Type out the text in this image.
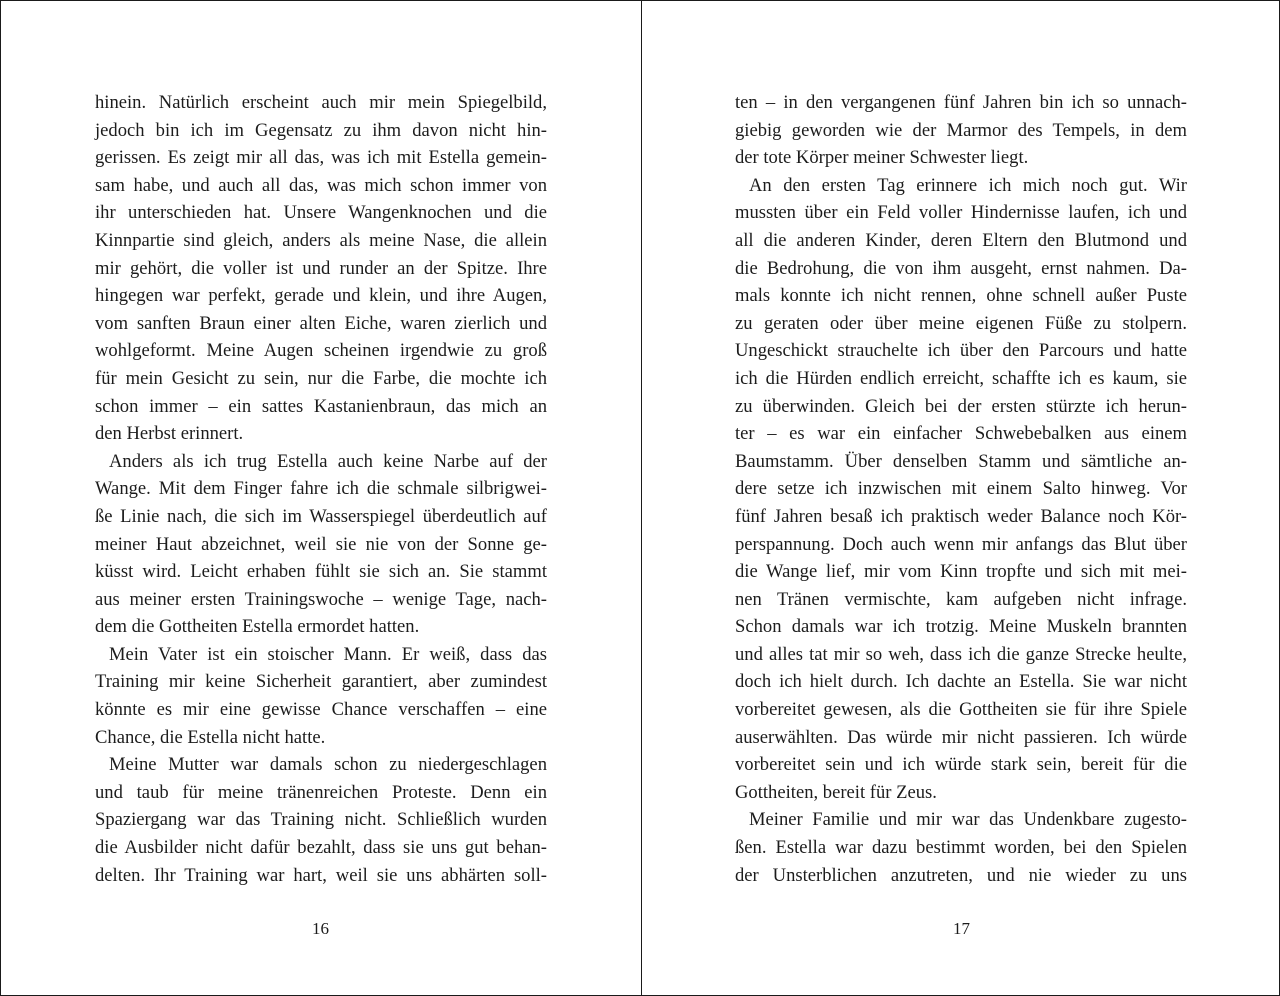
hinein. Natürlich erscheint auch mir mein Spiegelbild,
jedoch bin ich im Gegensatz zu ihm davon nicht hin-
gerissen. Es zeigt mir all das, was ich mit Estella gemein-
sam habe, und auch all das, was mich schon immer von
ihr unterschieden hat. Unsere Wangenknochen und die
Kinnpartie sind gleich, anders als meine Nase, die allein
mir gehört, die voller ist und runder an der Spitze. Ihre
hingegen war perfekt, gerade und klein, und ihre Augen,
vom sanften Braun einer alten Eiche, waren zierlich und
wohlgeformt. Meine Augen scheinen irgendwie zu groß
für mein Gesicht zu sein, nur die Farbe, die mochte ich
schon immer – ein sattes Kastanienbraun, das mich an
den Herbst erinnert.
Anders als ich trug Estella auch keine Narbe auf der
Wange. Mit dem Finger fahre ich die schmale silbrigwei-
ße Linie nach, die sich im Wasserspiegel überdeutlich auf
meiner Haut abzeichnet, weil sie nie von der Sonne ge-
küsst wird. Leicht erhaben fühlt sie sich an. Sie stammt
aus meiner ersten Trainingswoche – wenige Tage, nach-
dem die Gottheiten Estella ermordet hatten.
Mein Vater ist ein stoischer Mann. Er weiß, dass das
Training mir keine Sicherheit garantiert, aber zumindest
könnte es mir eine gewisse Chance verschaffen – eine
Chance, die Estella nicht hatte.
Meine Mutter war damals schon zu niedergeschlagen
und taub für meine tränenreichen Proteste. Denn ein
Spaziergang war das Training nicht. Schließlich wurden
die Ausbilder nicht dafür bezahlt, dass sie uns gut behan-
delten. Ihr Training war hart, weil sie uns abhärten soll-
16
ten – in den vergangenen fünf Jahren bin ich so unnach-
giebig geworden wie der Marmor des Tempels, in dem
der tote Körper meiner Schwester liegt.
An den ersten Tag erinnere ich mich noch gut. Wir
mussten über ein Feld voller Hindernisse laufen, ich und
all die anderen Kinder, deren Eltern den Blutmond und
die Bedrohung, die von ihm ausgeht, ernst nahmen. Da-
mals konnte ich nicht rennen, ohne schnell außer Puste
zu geraten oder über meine eigenen Füße zu stolpern.
Ungeschickt strauchelte ich über den Parcours und hatte
ich die Hürden endlich erreicht, schaffte ich es kaum, sie
zu überwinden. Gleich bei der ersten stürzte ich herun-
ter – es war ein einfacher Schwebebalken aus einem
Baumstamm. Über denselben Stamm und sämtliche an-
dere setze ich inzwischen mit einem Salto hinweg. Vor
fünf Jahren besaß ich praktisch weder Balance noch Kör-
perspannung. Doch auch wenn mir anfangs das Blut über
die Wange lief, mir vom Kinn tropfte und sich mit mei-
nen Tränen vermischte, kam aufgeben nicht infrage.
Schon damals war ich trotzig. Meine Muskeln brannten
und alles tat mir so weh, dass ich die ganze Strecke heulte,
doch ich hielt durch. Ich dachte an Estella. Sie war nicht
vorbereitet gewesen, als die Gottheiten sie für ihre Spiele
auserwählten. Das würde mir nicht passieren. Ich würde
vorbereitet sein und ich würde stark sein, bereit für die
Gottheiten, bereit für Zeus.
Meiner Familie und mir war das Undenkbare zugesto-
ßen. Estella war dazu bestimmt worden, bei den Spielen
der Unsterblichen anzutreten, und nie wieder zu uns
17
